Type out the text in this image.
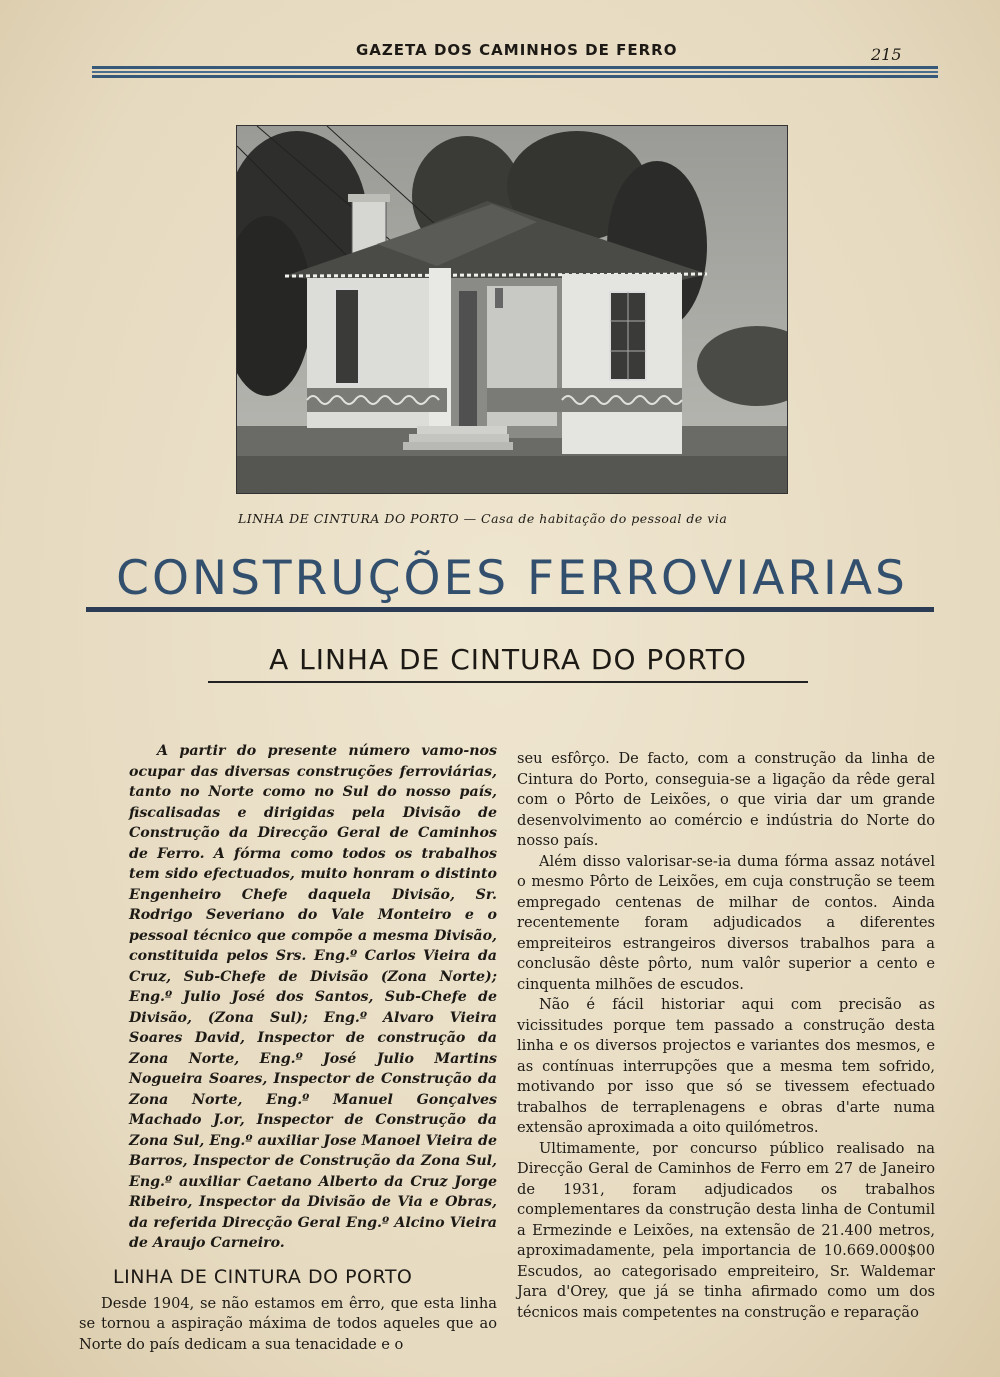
GAZETA DOS CAMINHOS DE FERRO	215
LINHA DE CINTURA DO PORTO — Casa de habitação do pessoal de via
CONSTRUÇÕES FERROVIARIAS
A LINHA DE CINTURA DO PORTO

A partir do presente número vamo-nos ocupar das diversas construções ferroviárias, tanto no Norte como no Sul do nosso país, fiscalisadas e dirigidas pela Divisão de Construção da Direcção Geral de Caminhos de Ferro. A fórma como todos os trabalhos tem sido efectuados, muito honram o distinto Engenheiro Chefe daquela Divisão, Sr. Rodrigo Severiano do Vale Monteiro e o pessoal técnico que compõe a mesma Divisão, constituida pelos Srs. Eng.º Carlos Vieira da Cruz, Sub-Chefe de Divisão (Zona Norte); Eng.º Julio José dos Santos, Sub-Chefe de Divisão, (Zona Sul); Eng.º Alvaro Vieira Soares David, Inspector de construção da Zona Norte, Eng.º José Julio Martins Nogueira Soares, Inspector de Construção da Zona Norte, Eng.º Manuel Gonçalves Machado J.or, Inspector de Construção da Zona Sul, Eng.º auxiliar Jose Manoel Vieira de Barros, Inspector de Construção da Zona Sul, Eng.º auxiliar Caetano Alberto da Cruz Jorge Ribeiro, Inspector da Divisão de Via e Obras, da referida Direcção Geral Eng.º Alcino Vieira de Araujo Carneiro.

LINHA DE CINTURA DO PORTO

Desde 1904, se não estamos em êrro, que esta linha se tornou a aspiração máxima de todos aqueles que ao Norte do país dedicam a sua tenacidade e o

seu esfôrço. De facto, com a construção da linha de Cintura do Porto, conseguia-se a ligação da rêde geral com o Pôrto de Leixões, o que viria dar um grande desenvolvimento ao comércio e indústria do Norte do nosso país.

Além disso valorisar-se-ia duma fórma assaz notável o mesmo Pôrto de Leixões, em cuja construção se teem empregado centenas de milhar de contos. Ainda recentemente foram adjudicados a diferentes empreiteiros estrangeiros diversos trabalhos para a conclusão dêste pôrto, num valôr superior a cento e cinquenta milhões de escudos.

Não é fácil historiar aqui com precisão as vicissitudes porque tem passado a construção desta linha e os diversos projectos e variantes dos mesmos, e as contínuas interrupções que a mesma tem sofrido, motivando por isso que só se tivessem efectuado trabalhos de terraplenagens e obras d'arte numa extensão aproximada a oito quilómetros.

Ultimamente, por concurso público realisado na Direcção Geral de Caminhos de Ferro em 27 de Janeiro de 1931, foram adjudicados os trabalhos complementares da construção desta linha de Contumil a Ermezinde e Leixões, na extensão de 21.400 metros, aproximadamente, pela importancia de 10.669.000$00 Escudos, ao categorisado empreiteiro, Sr. Waldemar Jara d'Orey, que já se tinha afirmado como um dos técnicos mais competentes na construção e reparação
